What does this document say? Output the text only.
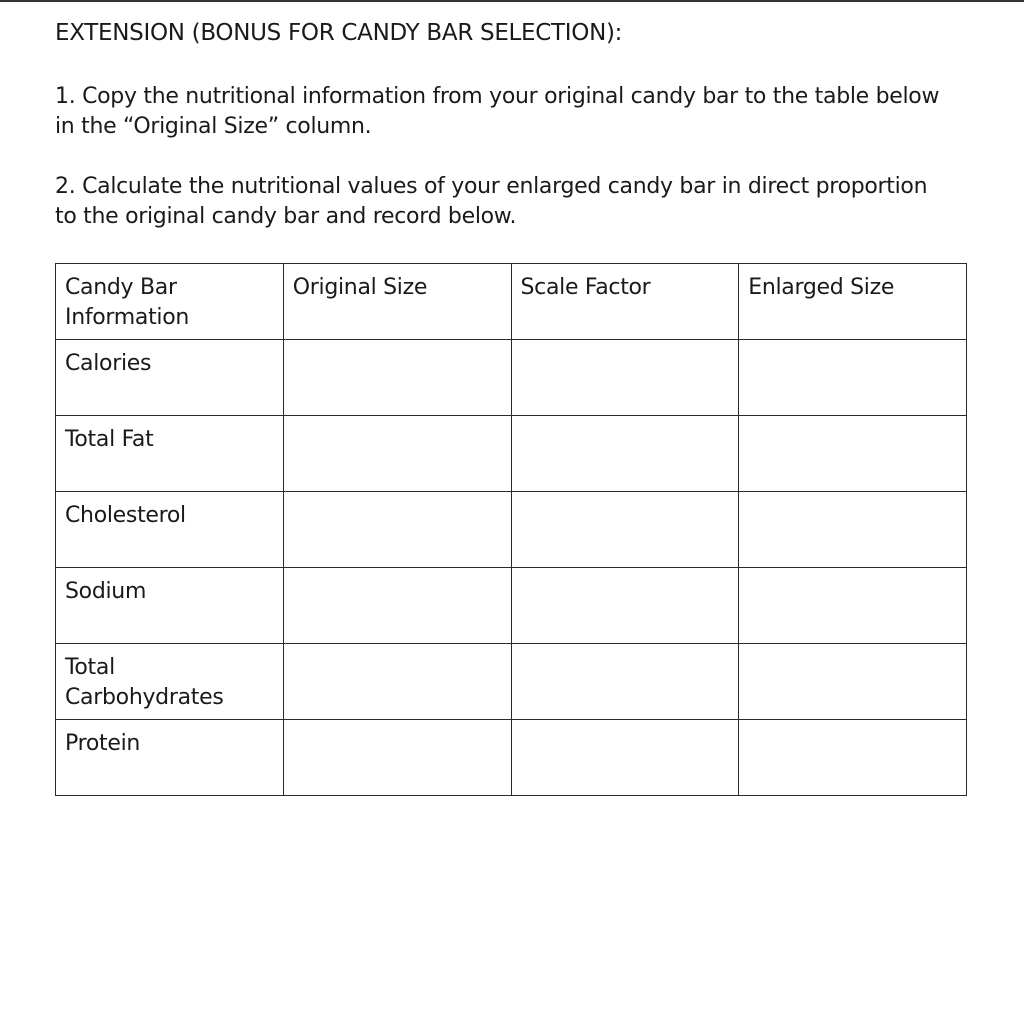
EXTENSION (BONUS FOR CANDY BAR SELECTION):
1. Copy the nutritional information from your original candy bar to the table below in the “Original Size” column.
2. Calculate the nutritional values of your enlarged candy bar in direct proportion to the original candy bar and record below.
Candy Bar Information	Original Size	Scale Factor	Enlarged Size
Calories			
Total Fat			
Cholesterol			
Sodium			
Total Carbohydrates			
Protein			
